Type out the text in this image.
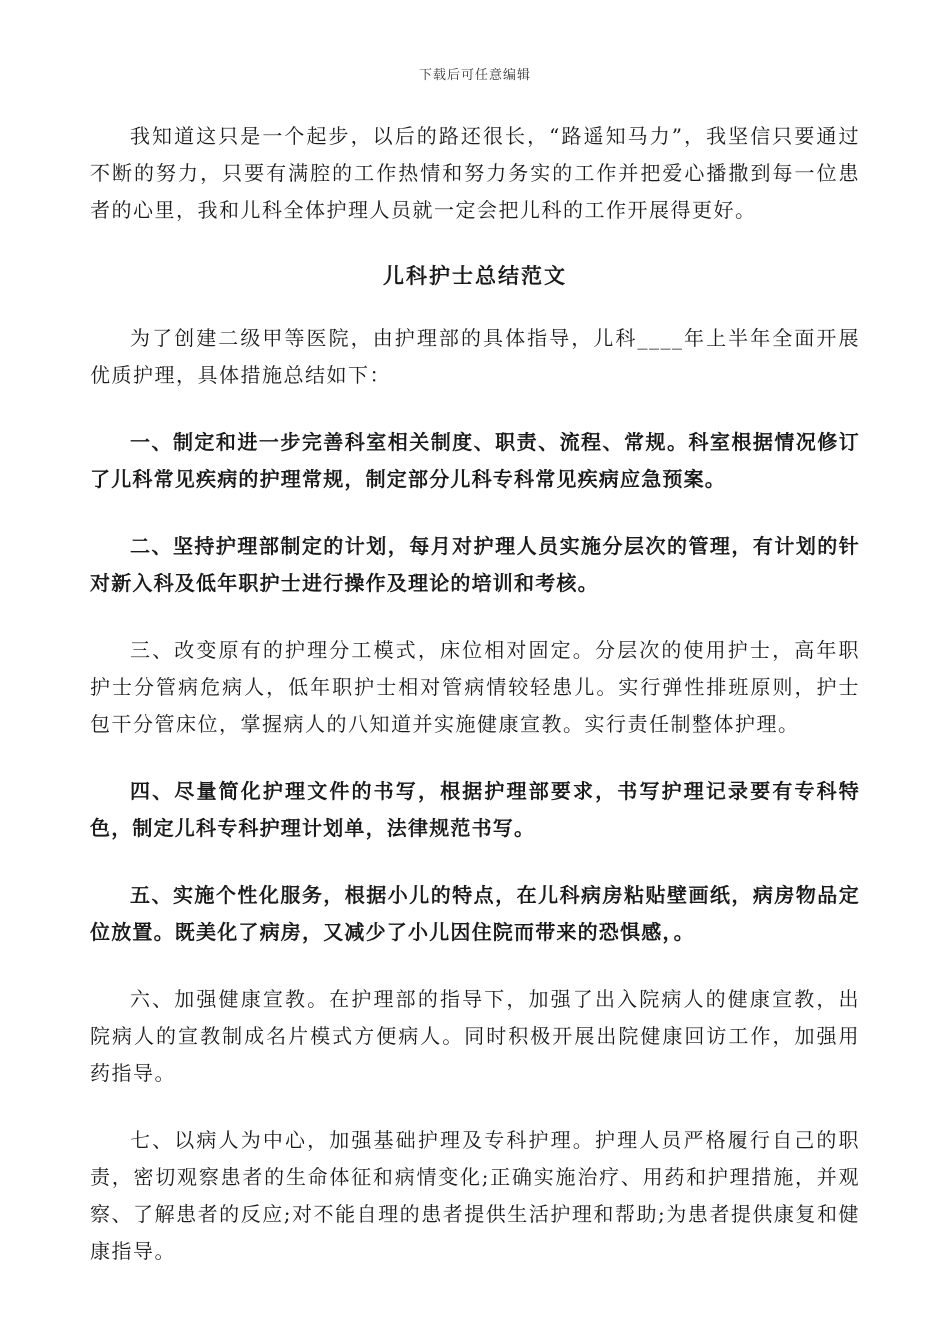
下载后可任意编辑

我知道这只是一个起步，以后的路还很长，“路遥知马力”，我坚信只要通过不断的努力，只要有满腔的工作热情和努力务实的工作并把爱心播撒到每一位患者的心里，我和儿科全体护理人员就一定会把儿科的工作开展得更好。

儿科护士总结范文

为了创建二级甲等医院，由护理部的具体指导，儿科____年上半年全面开展优质护理，具体措施总结如下：

一、制定和进一步完善科室相关制度、职责、流程、常规。科室根据情况修订了儿科常见疾病的护理常规，制定部分儿科专科常见疾病应急预案。

二、坚持护理部制定的计划，每月对护理人员实施分层次的管理，有计划的针对新入科及低年职护士进行操作及理论的培训和考核。

三、改变原有的护理分工模式，床位相对固定。分层次的使用护士，高年职护士分管病危病人，低年职护士相对管病情较轻患儿。实行弹性排班原则，护士包干分管床位，掌握病人的八知道并实施健康宣教。实行责任制整体护理。

四、尽量简化护理文件的书写，根据护理部要求，书写护理记录要有专科特色，制定儿科专科护理计划单，法律规范书写。

五、实施个性化服务，根据小儿的特点，在儿科病房粘贴壁画纸，病房物品定位放置。既美化了病房，又减少了小儿因住院而带来的恐惧感，。

六、加强健康宣教。在护理部的指导下，加强了出入院病人的健康宣教，出院病人的宣教制成名片模式方便病人。同时积极开展出院健康回访工作，加强用药指导。

七、以病人为中心，加强基础护理及专科护理。护理人员严格履行自己的职责，密切观察患者的生命体征和病情变化;正确实施治疗、用药和护理措施，并观察、了解患者的反应;对不能自理的患者提供生活护理和帮助;为患者提供康复和健康指导。
